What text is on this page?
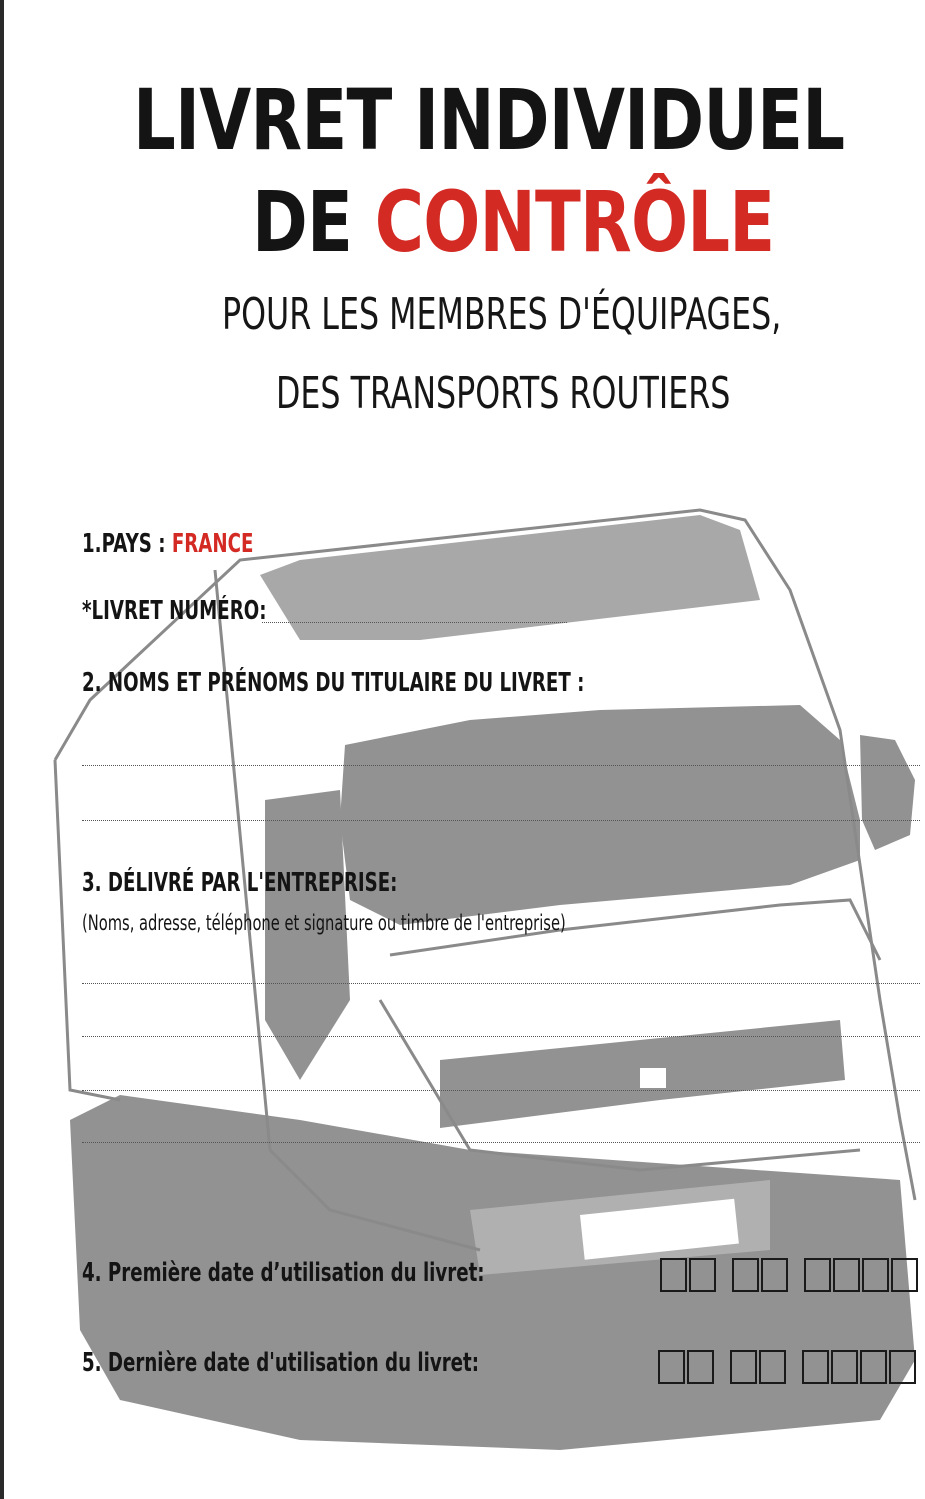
LIVRET INDIVIDUEL
DE CONTRÔLE
POUR LES MEMBRES D'ÉQUIPAGES,
DES TRANSPORTS ROUTIERS
1.PAYS : FRANCE
*LIVRET NUMÉRO:
2. NOMS ET PRÉNOMS DU TITULAIRE DU LIVRET :
3. DÉLIVRÉ PAR L'ENTREPRISE:
(Noms, adresse, téléphone et signature ou timbre de l'entreprise)
4. Première date d’utilisation du livret:
5. Dernière date d'utilisation du livret:
